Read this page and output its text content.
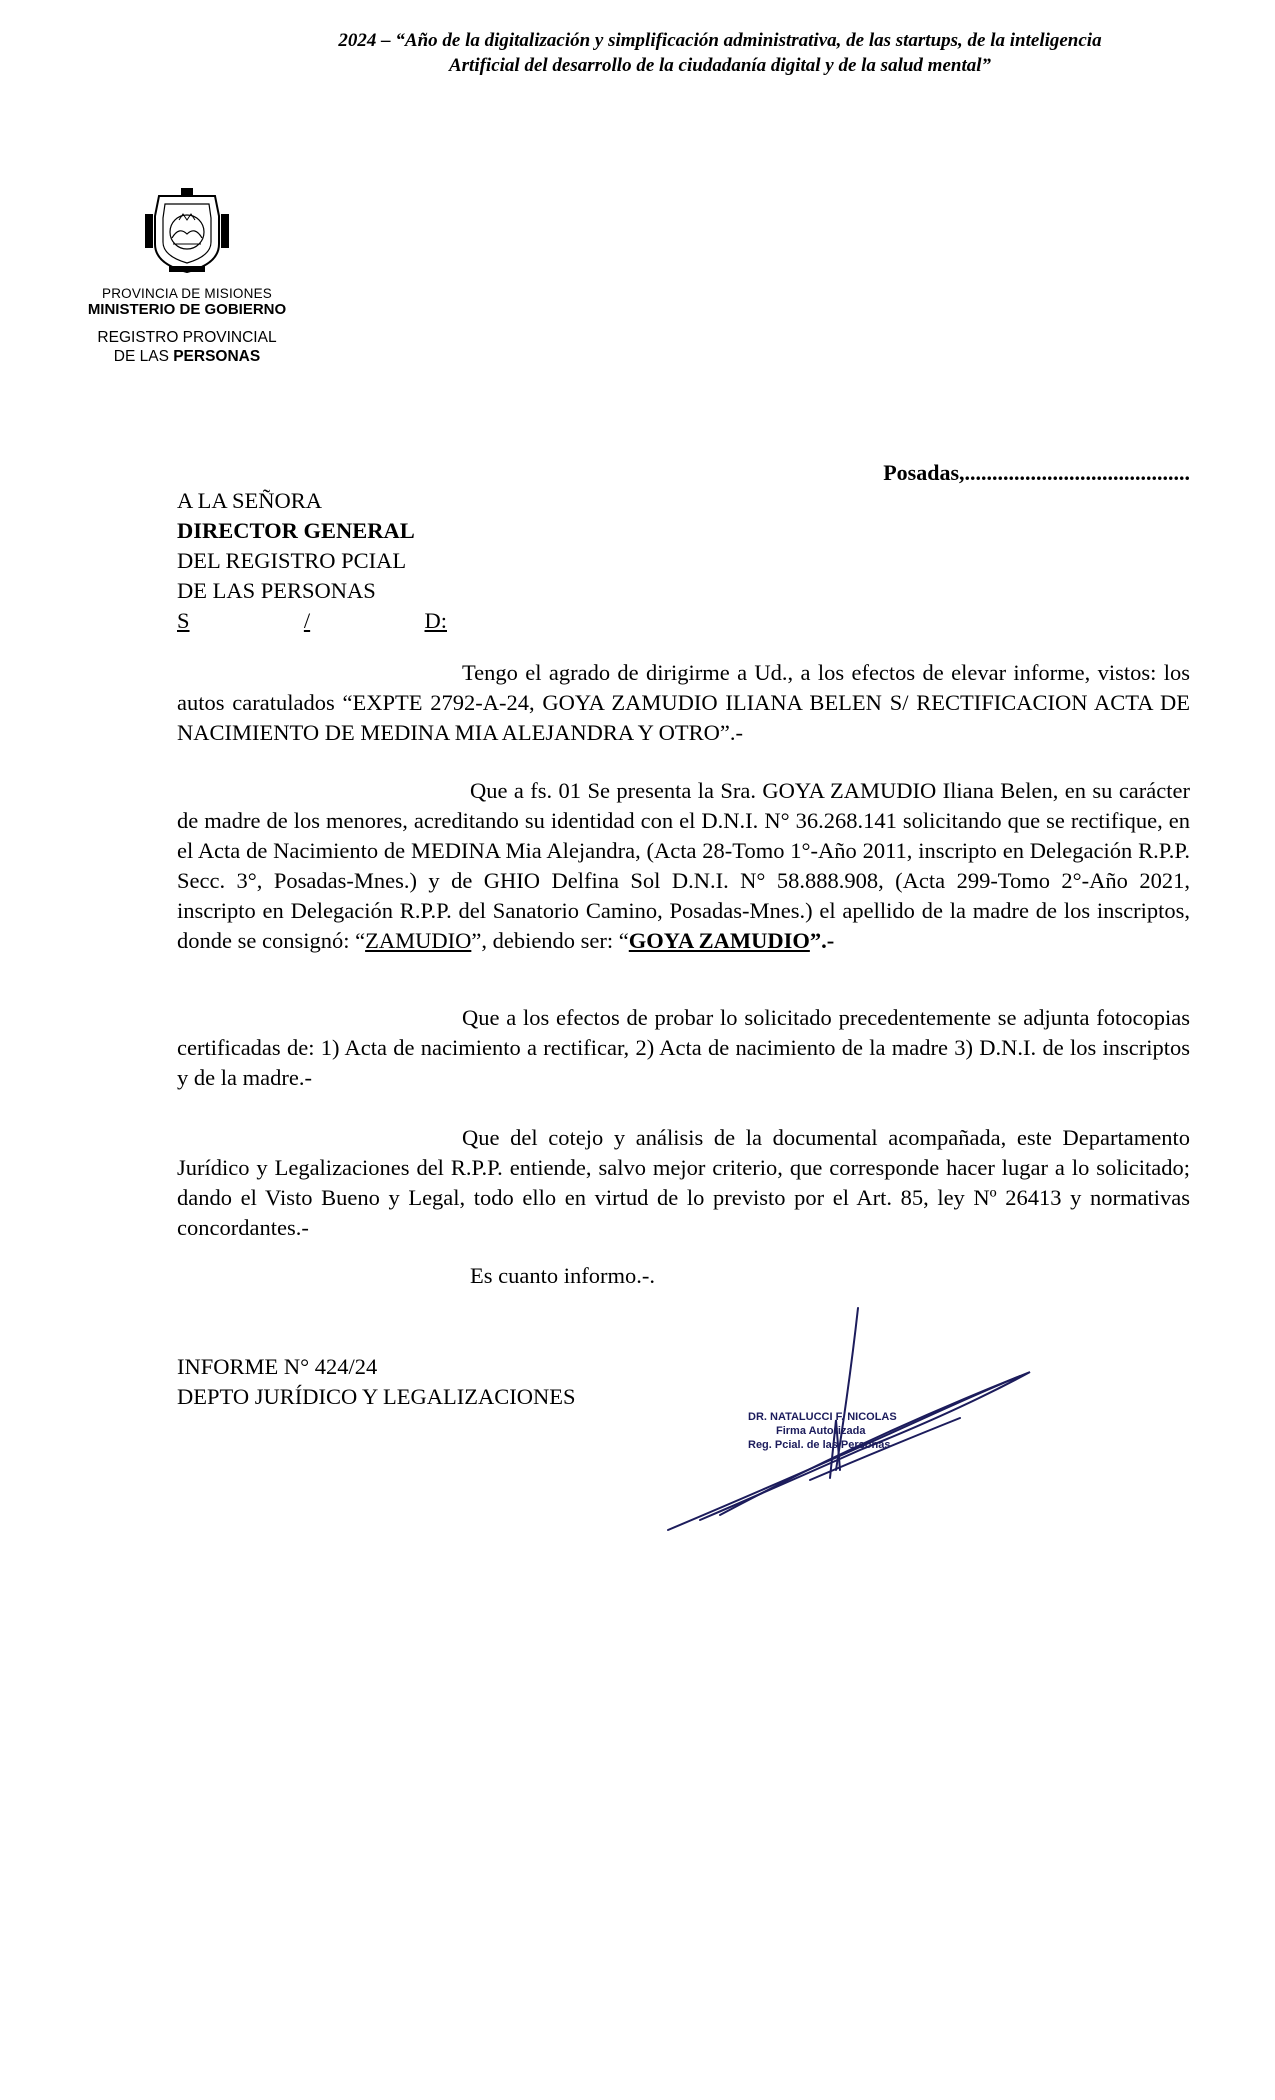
2024 – “Año de la digitalización y simplificación administrativa, de las startups, de la inteligencia
Artificial del desarrollo de la ciudadanía digital y de la salud mental”
PROVINCIA DE MISIONES
MINISTERIO DE GOBIERNO
REGISTRO PROVINCIAL
DE LAS PERSONAS
Posadas,.........................................
A LA SEÑORA
DIRECTOR GENERAL
DEL REGISTRO PCIAL
DE LAS PERSONAS
S	/	D:
Tengo el agrado de dirigirme a Ud., a los efectos de elevar informe, vistos: los autos caratulados “EXPTE 2792-A-24, GOYA ZAMUDIO ILIANA BELEN S/ RECTIFICACION ACTA DE NACIMIENTO DE MEDINA MIA ALEJANDRA Y OTRO”.-
Que a fs. 01 Se presenta la Sra. GOYA ZAMUDIO Iliana Belen, en su carácter de madre de los menores, acreditando su identidad con el D.N.I. N° 36.268.141 solicitando que se rectifique, en el Acta de Nacimiento de MEDINA Mia Alejandra, (Acta 28-Tomo 1°-Año 2011, inscripto en Delegación R.P.P. Secc. 3°, Posadas-Mnes.) y de GHIO Delfina Sol D.N.I. N° 58.888.908, (Acta 299-Tomo 2°-Año 2021, inscripto en Delegación R.P.P. del Sanatorio Camino, Posadas-Mnes.) el apellido de la madre de los inscriptos, donde se consignó: “ZAMUDIO”, debiendo ser: “GOYA ZAMUDIO”.-
Que a los efectos de probar lo solicitado precedentemente se adjunta fotocopias certificadas de: 1) Acta de nacimiento a rectificar, 2) Acta de nacimiento de la madre 3) D.N.I. de los inscriptos y de la madre.-
Que del cotejo y análisis de la documental acompañada, este Departamento Jurídico y Legalizaciones del R.P.P. entiende, salvo mejor criterio, que corresponde hacer lugar a lo solicitado; dando el Visto Bueno y Legal, todo ello en virtud de lo previsto por el Art. 85, ley Nº 26413 y normativas concordantes.-
Es cuanto informo.-.
INFORME N° 424/24
DEPTO JURÍDICO Y LEGALIZACIONES
DR. NATALUCCI F. NICOLAS
Firma Autorizada
Reg. Pcial. de las Personas
